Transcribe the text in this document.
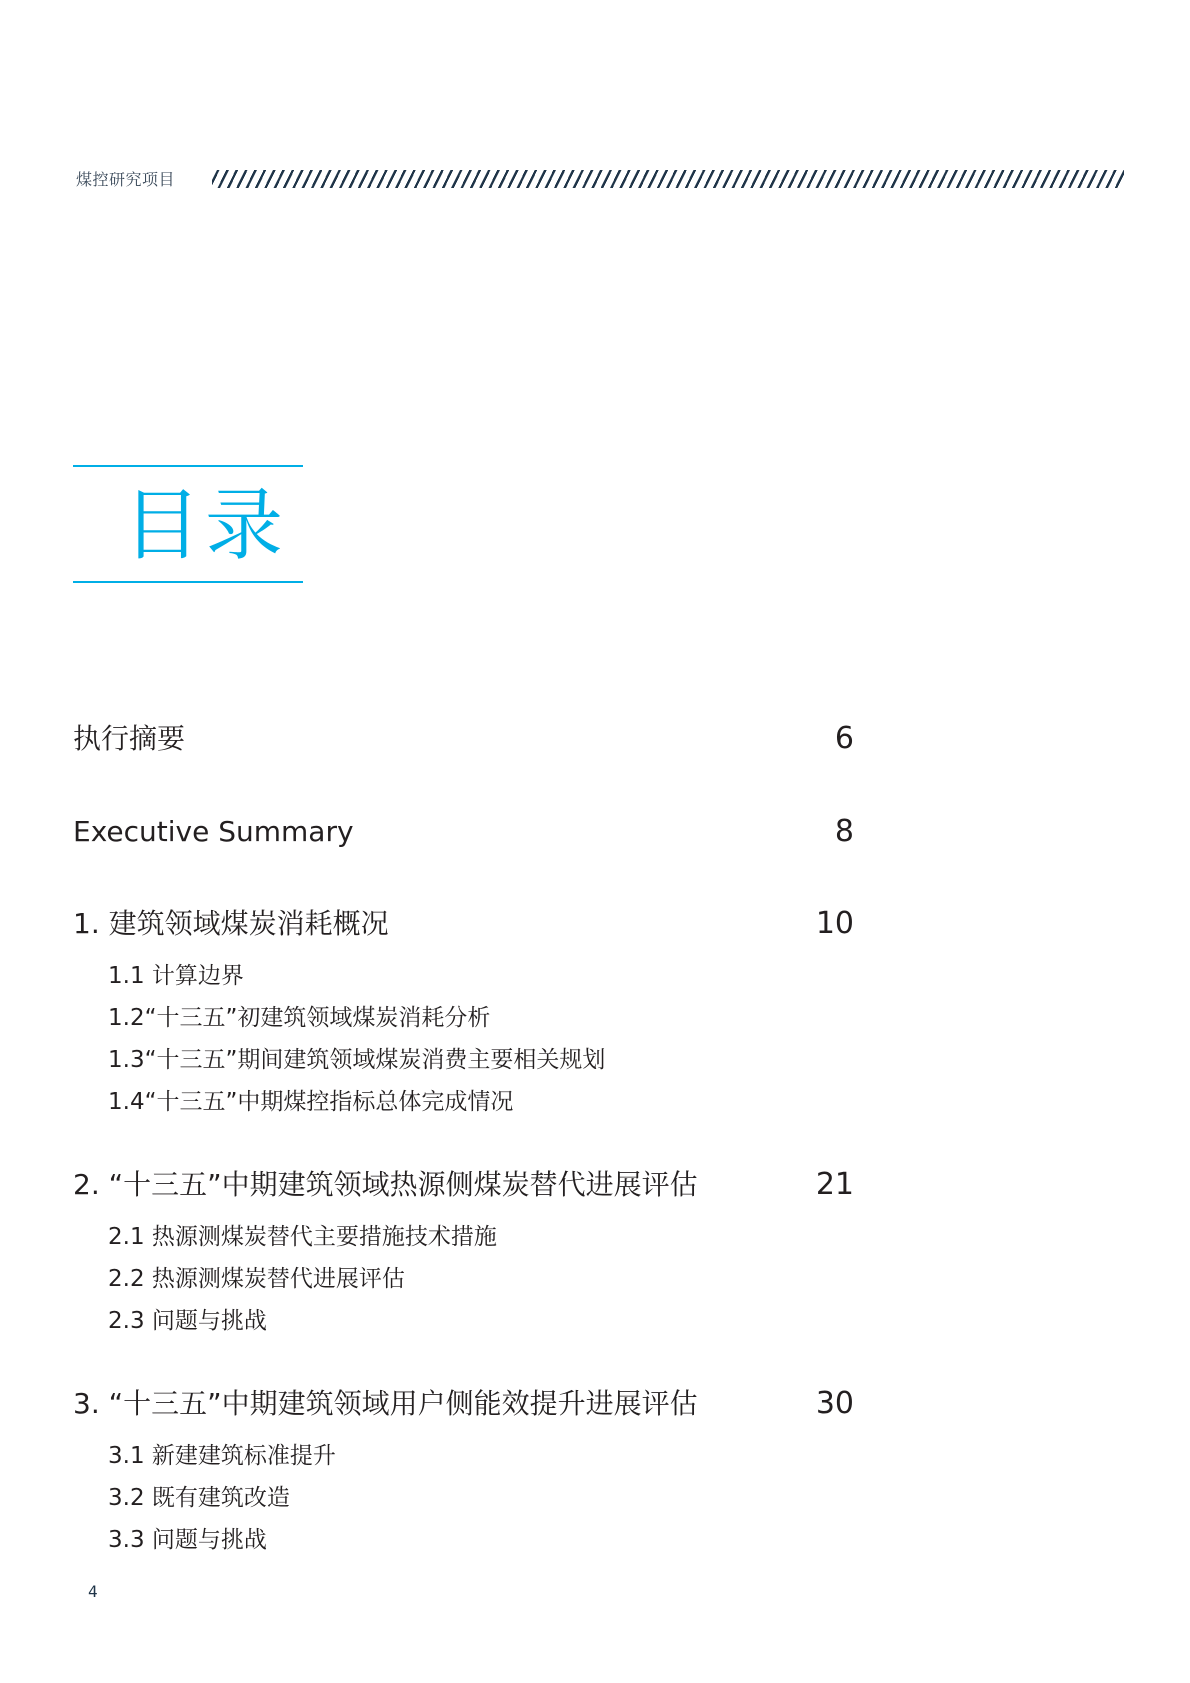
煤控研究项目
目录
执行摘要	6
Executive Summary	8
1. 建筑领域煤炭消耗概况	10
1.1 计算边界
1.2“十三五”初建筑领域煤炭消耗分析
1.3“十三五”期间建筑领域煤炭消费主要相关规划
1.4“十三五”中期煤控指标总体完成情况
2. “十三五”中期建筑领域热源侧煤炭替代进展评估	21
2.1 热源测煤炭替代主要措施技术措施
2.2 热源测煤炭替代进展评估
2.3 问题与挑战
3. “十三五”中期建筑领域用户侧能效提升进展评估	30
3.1 新建建筑标准提升
3.2 既有建筑改造
3.3 问题与挑战
4
